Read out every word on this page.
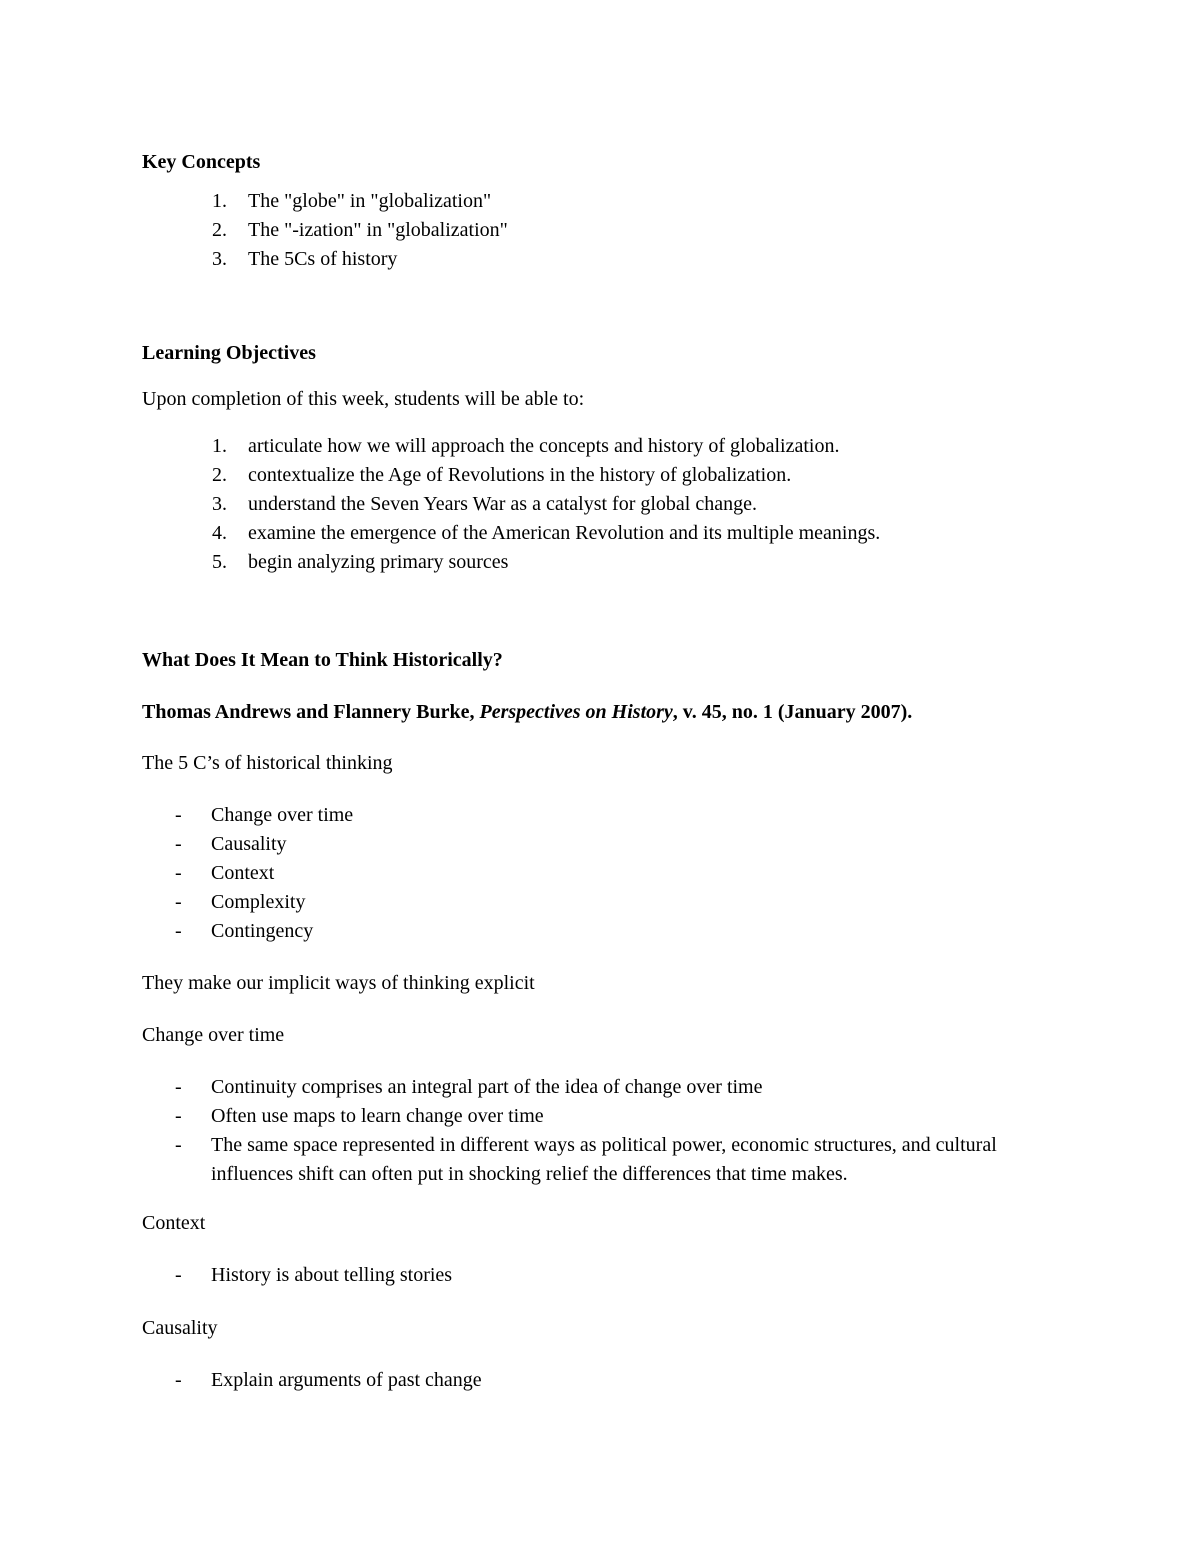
Key Concepts
1.	The "globe" in "globalization"
2.	The "-ization" in "globalization"
3.	The 5Cs of history
Learning Objectives
Upon completion of this week, students will be able to:
1.	articulate how we will approach the concepts and history of globalization.
2.	contextualize the Age of Revolutions in the history of globalization.
3.	understand the Seven Years War as a catalyst for global change.
4.	examine the emergence of the American Revolution and its multiple meanings.
5.	begin analyzing primary sources
What Does It Mean to Think Historically?
Thomas Andrews and Flannery Burke, Perspectives on History, v. 45, no. 1 (January 2007).
The 5 C’s of historical thinking
- Change over time
- Causality
- Context
- Complexity
- Contingency
They make our implicit ways of thinking explicit
Change over time
- Continuity comprises an integral part of the idea of change over time
- Often use maps to learn change over time
- The same space represented in different ways as political power, economic structures, and cultural influences shift can often put in shocking relief the differences that time makes.
Context
- History is about telling stories
Causality
- Explain arguments of past change
